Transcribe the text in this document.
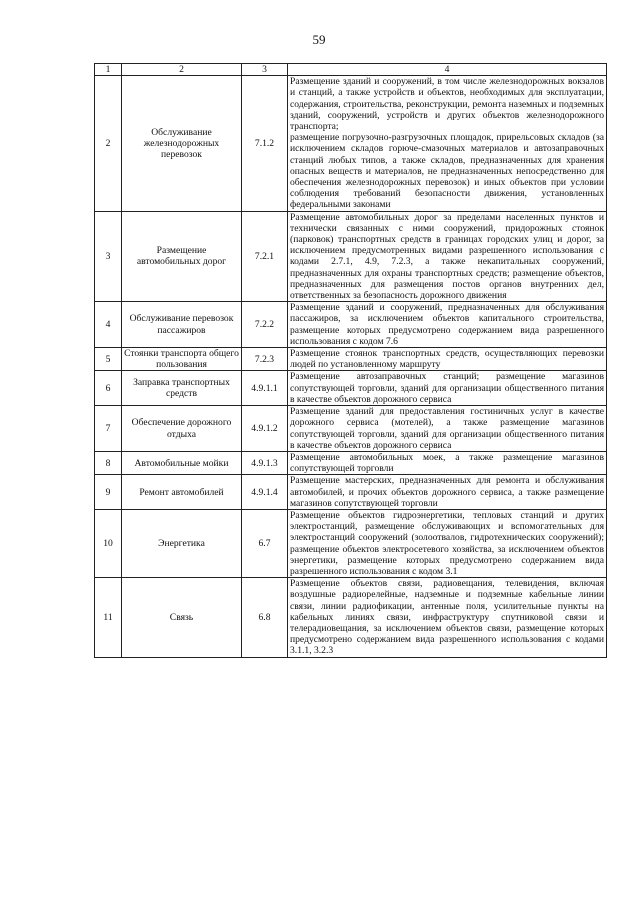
59
1	2	3	4
2	Обслуживание железнодорожных перевозок	7.1.2	Размещение зданий и сооружений, в том числе железнодорожных вокзалов и станций, а также устройств и объектов, необходимых для эксплуатации, содержания, строительства, реконструкции, ремонта наземных и подземных зданий, сооружений, устройств и других объектов железнодорожного транспорта;
размещение погрузочно-разгрузочных площадок, прирельсовых складов (за исключением складов горюче-смазочных материалов и автозаправочных станций любых типов, а также складов, предназначенных для хранения опасных веществ и материалов, не предназначенных непосредственно для обеспечения железнодорожных перевозок) и иных объектов при условии соблюдения требований безопасности движения, установленных федеральными законами

3	Размещение автомобильных дорог	7.2.1	Размещение автомобильных дорог за пределами населенных пунктов и технически связанных с ними сооружений, придорожных стоянок (парковок) транспортных средств в границах городских улиц и дорог, за исключением предусмотренных видами разрешенного использования с кодами 2.7.1, 4.9, 7.2.3, а также некапитальных сооружений, предназначенных для охраны транспортных средств; размещение объектов, предназначенных для размещения постов органов внутренних дел, ответственных за безопасность дорожного движения

4	Обслуживание перевозок пассажиров	7.2.2	Размещение зданий и сооружений, предназначенных для обслуживания пассажиров, за исключением объектов капитального строительства, размещение которых предусмотрено содержанием вида разрешенного использования с кодом 7.6

5	Стоянки транспорта общего пользования	7.2.3	Размещение стоянок транспортных средств, осуществляющих перевозки людей по установленному маршруту

6	Заправка транспортных средств	4.9.1.1	Размещение автозаправочных станций; размещение магазинов сопутствующей торговли, зданий для организации общественного питания в качестве объектов дорожного сервиса

7	Обеспечение дорожного отдыха	4.9.1.2	Размещение зданий для предоставления гостиничных услуг в качестве дорожного сервиса (мотелей), а также размещение магазинов сопутствующей торговли, зданий для организации общественного питания в качестве объектов дорожного сервиса

8	Автомобильные мойки	4.9.1.3	Размещение автомобильных моек, а также размещение магазинов сопутствующей торговли

9	Ремонт автомобилей	4.9.1.4	Размещение мастерских, предназначенных для ремонта и обслуживания автомобилей, и прочих объектов дорожного сервиса, а также размещение магазинов сопутствующей торговли

10	Энергетика	6.7	Размещение объектов гидроэнергетики, тепловых станций и других электростанций, размещение обслуживающих и вспомогательных для электростанций сооружений (золоотвалов, гидротехнических сооружений); размещение объектов электросетевого хозяйства, за исключением объектов энергетики, размещение которых предусмотрено содержанием вида разрешенного использования с кодом 3.1

11	Связь	6.8	Размещение объектов связи, радиовещания, телевидения, включая воздушные радиорелейные, надземные и подземные кабельные линии связи, линии радиофикации, антенные поля, усилительные пункты на кабельных линиях связи, инфраструктуру спутниковой связи и телерадиовещания, за исключением объектов связи, размещение которых предусмотрено содержанием вида разрешенного использования с кодами 3.1.1, 3.2.3
